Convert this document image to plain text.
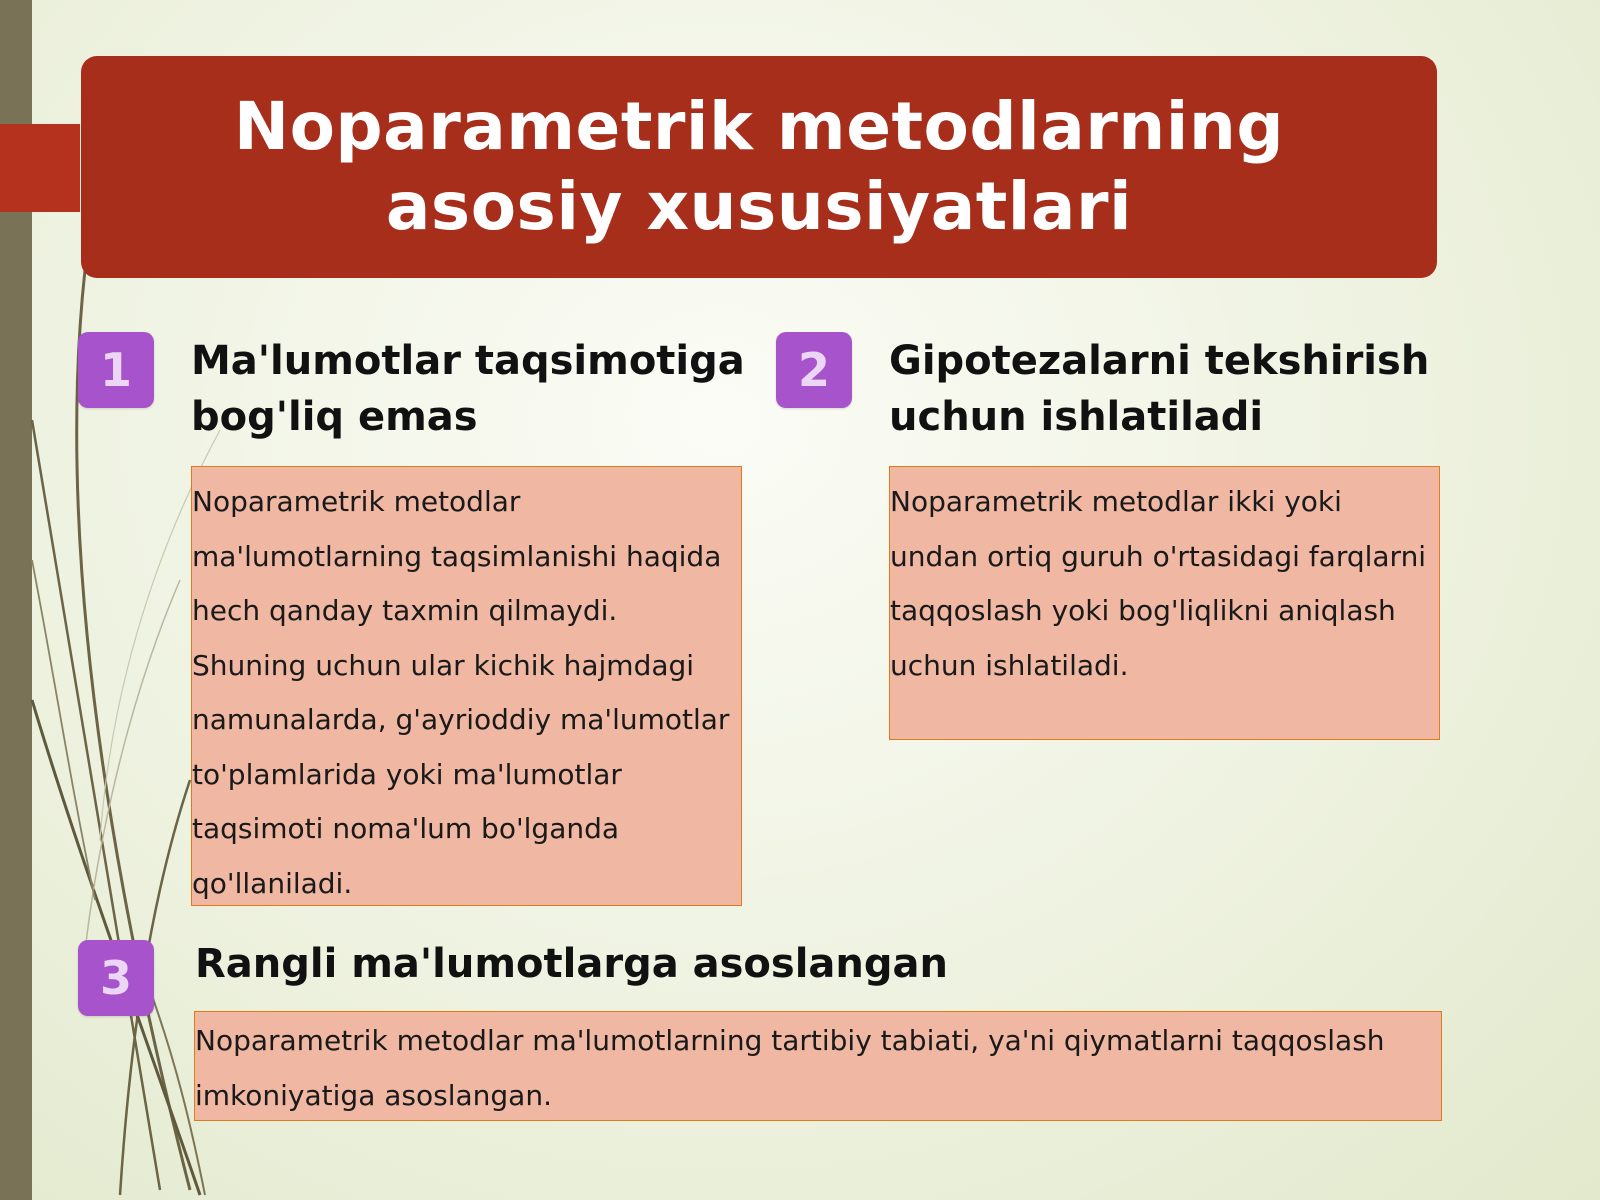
Noparametrik metodlarning asosiy xususiyatlari
1	Ma'lumotlar taqsimotiga bog'liq emas
Noparametrik metodlar ma'lumotlarning taqsimlanishi haqida hech qanday taxmin qilmaydi. Shuning uchun ular kichik hajmdagi namunalarda, g'ayrioddiy ma'lumotlar to'plamlarida yoki ma'lumotlar taqsimoti noma'lum bo'lganda qo'llaniladi.
2	Gipotezalarni tekshirish uchun ishlatiladi
Noparametrik metodlar ikki yoki undan ortiq guruh o'rtasidagi farqlarni taqqoslash yoki bog'liqlikni aniqlash uchun ishlatiladi.
3	Rangli ma'lumotlarga asoslangan
Noparametrik metodlar ma'lumotlarning tartibiy tabiati, ya'ni qiymatlarni taqqoslash imkoniyatiga asoslangan.
